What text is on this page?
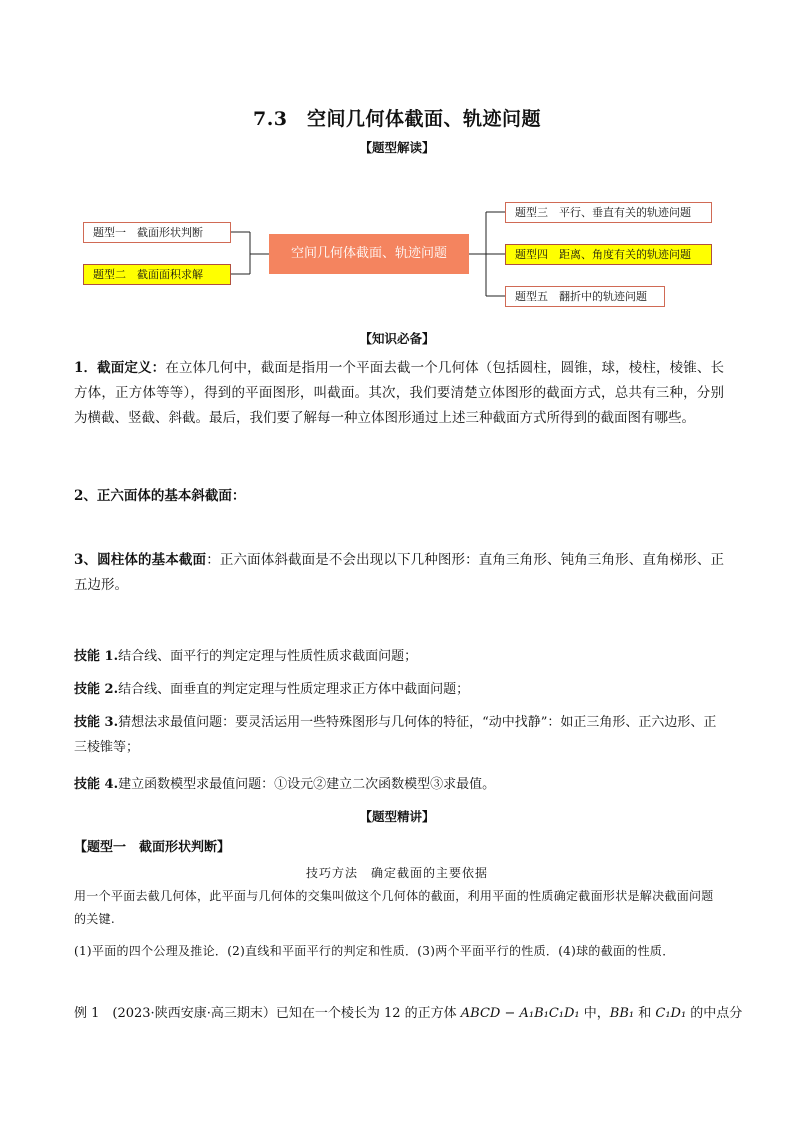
7.3　空间几何体截面、轨迹问题
【题型解读】
题型一　截面形状判断
题型二　截面面积求解
空间几何体截面、轨迹问题
题型三　平行、垂直有关的轨迹问题
题型四　距离、角度有关的轨迹问题
题型五　翻折中的轨迹问题
【知识必备】
1．截面定义：在立体几何中，截面是指用一个平面去截一个几何体（包括圆柱，圆锥，球，棱柱，棱锥、长方体，正方体等等），得到的平面图形，叫截面。其次，我们要清楚立体图形的截面方式，总共有三种，分别为横截、竖截、斜截。最后，我们要了解每一种立体图形通过上述三种截面方式所得到的截面图有哪些。
2、正六面体的基本斜截面：
3、圆柱体的基本截面：正六面体斜截面是不会出现以下几种图形：直角三角形、钝角三角形、直角梯形、正五边形。
技能 1.结合线、面平行的判定定理与性质性质求截面问题；
技能 2.结合线、面垂直的判定定理与性质定理求正方体中截面问题；
技能 3.猜想法求最值问题：要灵活运用一些特殊图形与几何体的特征，“动中找静”：如正三角形、正六边形、正三棱锥等；
技能 4.建立函数模型求最值问题：①设元②建立二次函数模型③求最值。
【题型精讲】
【题型一　截面形状判断】
技巧方法　确定截面的主要依据
用一个平面去截几何体，此平面与几何体的交集叫做这个几何体的截面，利用平面的性质确定截面形状是解决截面问题的关键.
(1)平面的四个公理及推论．(2)直线和平面平行的判定和性质．(3)两个平面平行的性质．(4)球的截面的性质．
例 1　(2023·陕西安康·高三期末）已知在一个棱长为 12 的正方体 ABCD − A₁B₁C₁D₁ 中，BB₁ 和 C₁D₁ 的中点分
